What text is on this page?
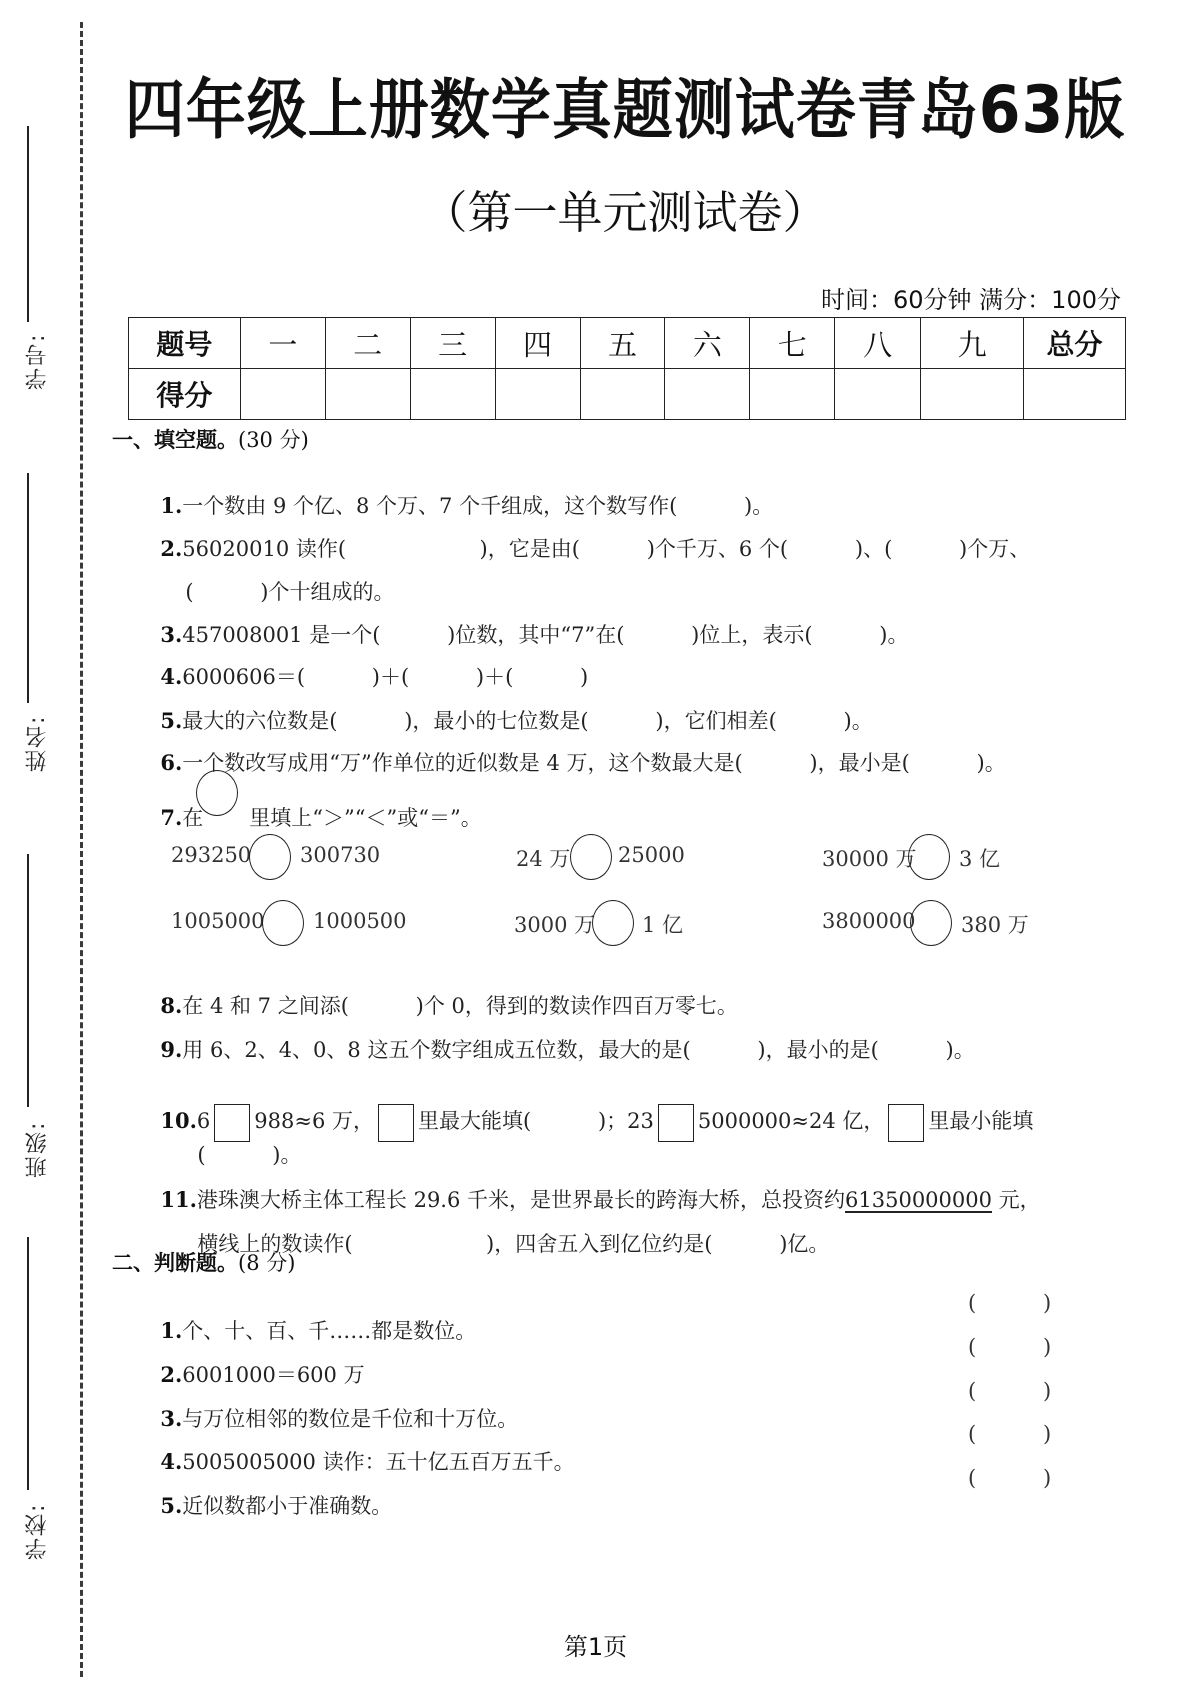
学号:
姓名:
班级:
学校:
四年级上册数学真题测试卷青岛63版
（第一单元测试卷）
时间：60分钟 满分：100分
题号	一	二	三	四	五	六	七	八	九	总分
得分										
一、填空题。(30 分)

1.一个数由 9 个亿、8 个万、7 个千组成，这个数写作(          )。

2.56020010 读作(                    )，它是由(          )个千万、6 个(          )、(          )个万、

(          )个十组成的。

3.457008001 是一个(          )位数，其中“7”在(          )位上，表示(          )。

4.6000606＝(          )＋(          )＋(          )

5.最大的六位数是(          )，最小的七位数是(          )，它们相差(          )。

6.一个数改写成用“万”作单位的近似数是 4 万，这个数最大是(          )，最小是(          )。

7.在 里填上“＞”“＜”或“＝”。

293250 300730	24 万 25000	30000 万 3 亿
1005000 1000500	3000 万 1 亿	3800000 380 万

8.在 4 和 7 之间添(          )个 0，得到的数读作四百万零七。

9.用 6、2、4、0、8 这五个数字组成五位数，最大的是(          )，最小的是(          )。

10.6 988≈6 万， 里最大能填(          )；23 5000000≈24 亿， 里最小能填

(          )。

11.港珠澳大桥主体工程长 29.6 千米，是世界最长的跨海大桥，总投资约61350000000 元，

横线上的数读作(                    )，四舍五入到亿位约是(          )亿。

二、判断题。(8 分)

1.个、十、百、千……都是数位。

(          )

2.6001000＝600 万

(          )

3.与万位相邻的数位是千位和十万位。

(          )

4.5005005000 读作：五十亿五百万五千。

(          )

5.近似数都小于准确数。

(          )
第1页
